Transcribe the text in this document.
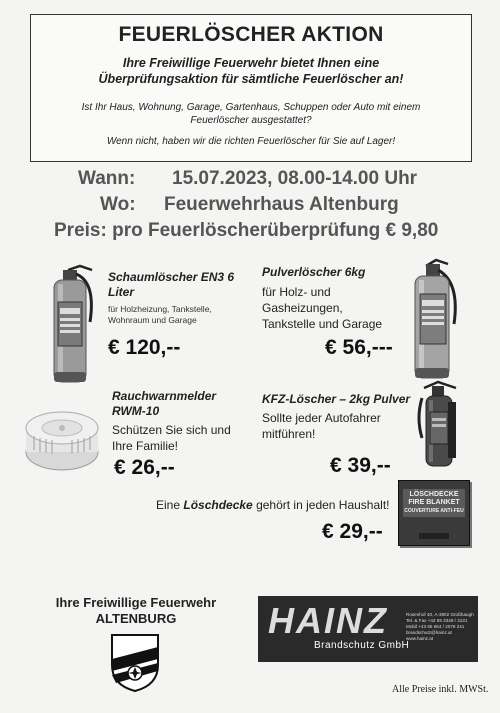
FEUERLÖSCHER AKTION
Ihre Freiwillige Feuerwehr bietet Ihnen eine
Überprüfungsaktion für sämtliche Feuerlöscher an!
Ist Ihr Haus, Wohnung, Garage, Gartenhaus, Schuppen oder Auto mit einem
Feuerlöscher ausgestattet?
Wenn nicht, haben wir die richten Feuerlöscher für Sie auf Lager!
Wann: 15.07.2023, 08.00-14.00 Uhr
Wo: Feuerwehrhaus Altenburg
Preis: pro Feuerlöscherüberprüfung € 9,80
Schaumlöscher EN3 6
Liter
für Holzheizung, Tankstelle,
Wohnraum und Garage
€ 120,--
Pulverlöscher 6kg
für Holz- und
Gasheizungen,
Tankstelle und Garage
€ 56,---
Rauchwarnmelder
RWM-10
Schützen Sie sich und
Ihre Familie!
€ 26,--
KFZ-Löscher – 2kg Pulver
Sollte jeder Autofahrer
mitführen!
€ 39,--
Eine Löschdecke gehört in jeden Haushalt!
€ 29,--
LÖSCHDECKE
FIRE BLANKET
COUVERTURE ANTI-FEU
Ihre Freiwillige Feuerwehr
ALTENBURG	HAINZ
Brandschutz GmbH
Rosenhof 40, A-3902 Großhaugh
Tel. & Fax +43 65 3348 / 3131
Mobil +43 65 664 / 2078 241
brandschutz@hainz.at www.hainz.at
Alle Preise inkl. MWSt.
